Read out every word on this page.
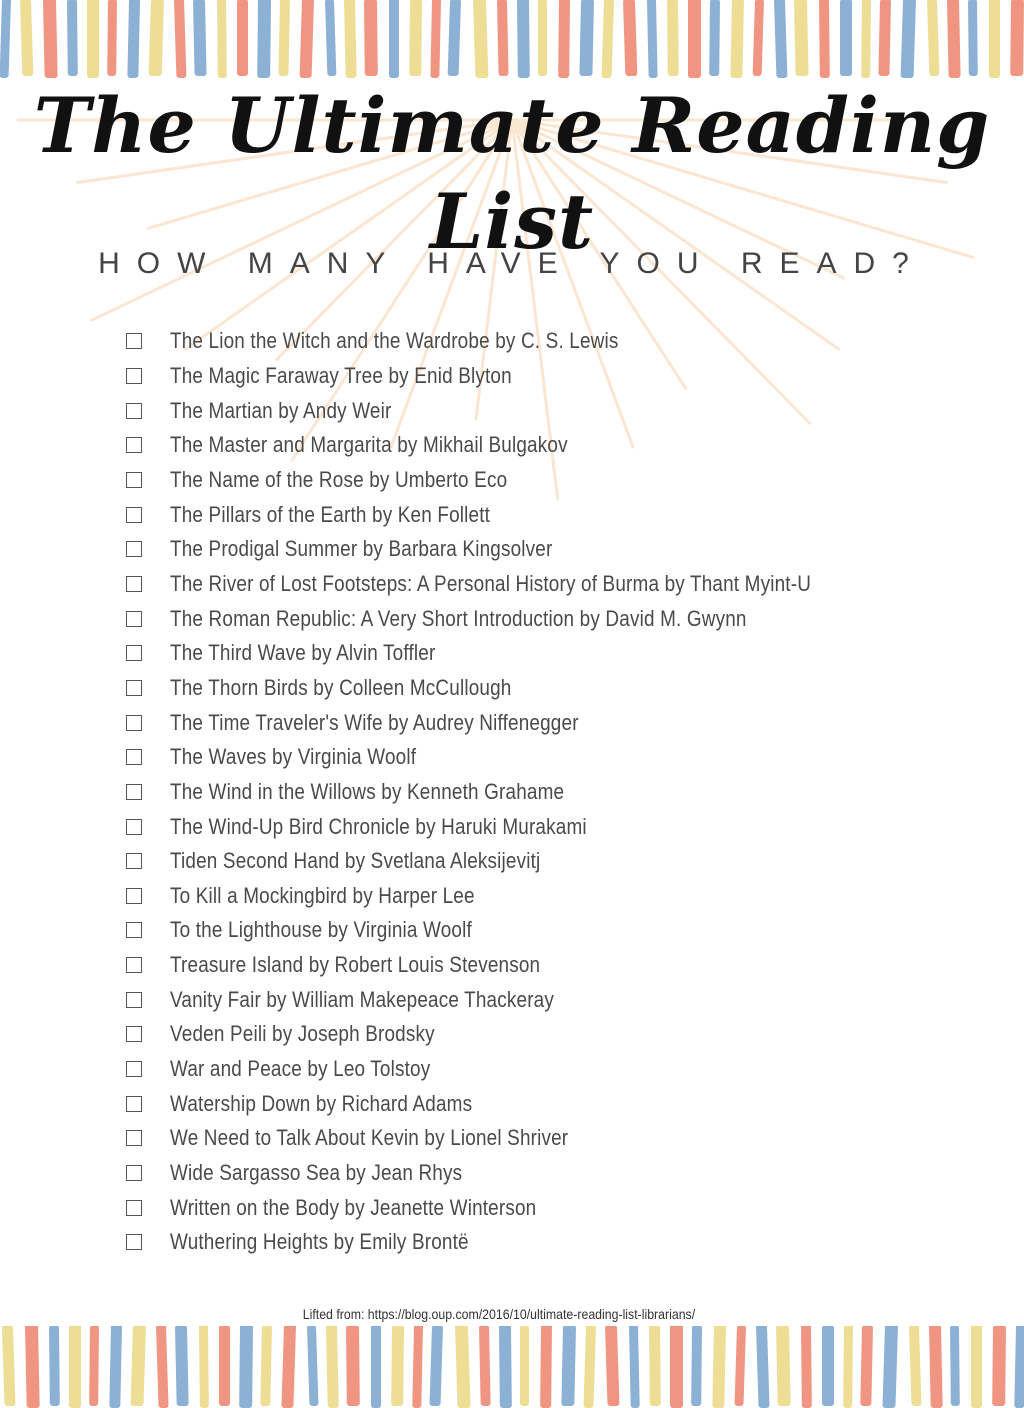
The Ultimate Reading List
HOW MANY HAVE YOU READ?
The Lion the Witch and the Wardrobe by C. S. Lewis
The Magic Faraway Tree by Enid Blyton
The Martian by Andy Weir
The Master and Margarita by Mikhail Bulgakov
The Name of the Rose by Umberto Eco
The Pillars of the Earth by Ken Follett
The Prodigal Summer by Barbara Kingsolver
The River of Lost Footsteps: A Personal History of Burma by Thant Myint-U
The Roman Republic: A Very Short Introduction by David M. Gwynn
The Third Wave by Alvin Toffler
The Thorn Birds by Colleen McCullough
The Time Traveler's Wife by Audrey Niffenegger
The Waves by Virginia Woolf
The Wind in the Willows by Kenneth Grahame
The Wind-Up Bird Chronicle by Haruki Murakami
Tiden Second Hand by Svetlana Aleksijevitj
To Kill a Mockingbird by Harper Lee
To the Lighthouse by Virginia Woolf
Treasure Island by Robert Louis Stevenson
Vanity Fair by William Makepeace Thackeray
Veden Peili by Joseph Brodsky
War and Peace by Leo Tolstoy
Watership Down by Richard Adams
We Need to Talk About Kevin by Lionel Shriver
Wide Sargasso Sea by Jean Rhys
Written on the Body by Jeanette Winterson
Wuthering Heights by Emily Brontë
Lifted from: https://blog.oup.com/2016/10/ultimate-reading-list-librarians/
